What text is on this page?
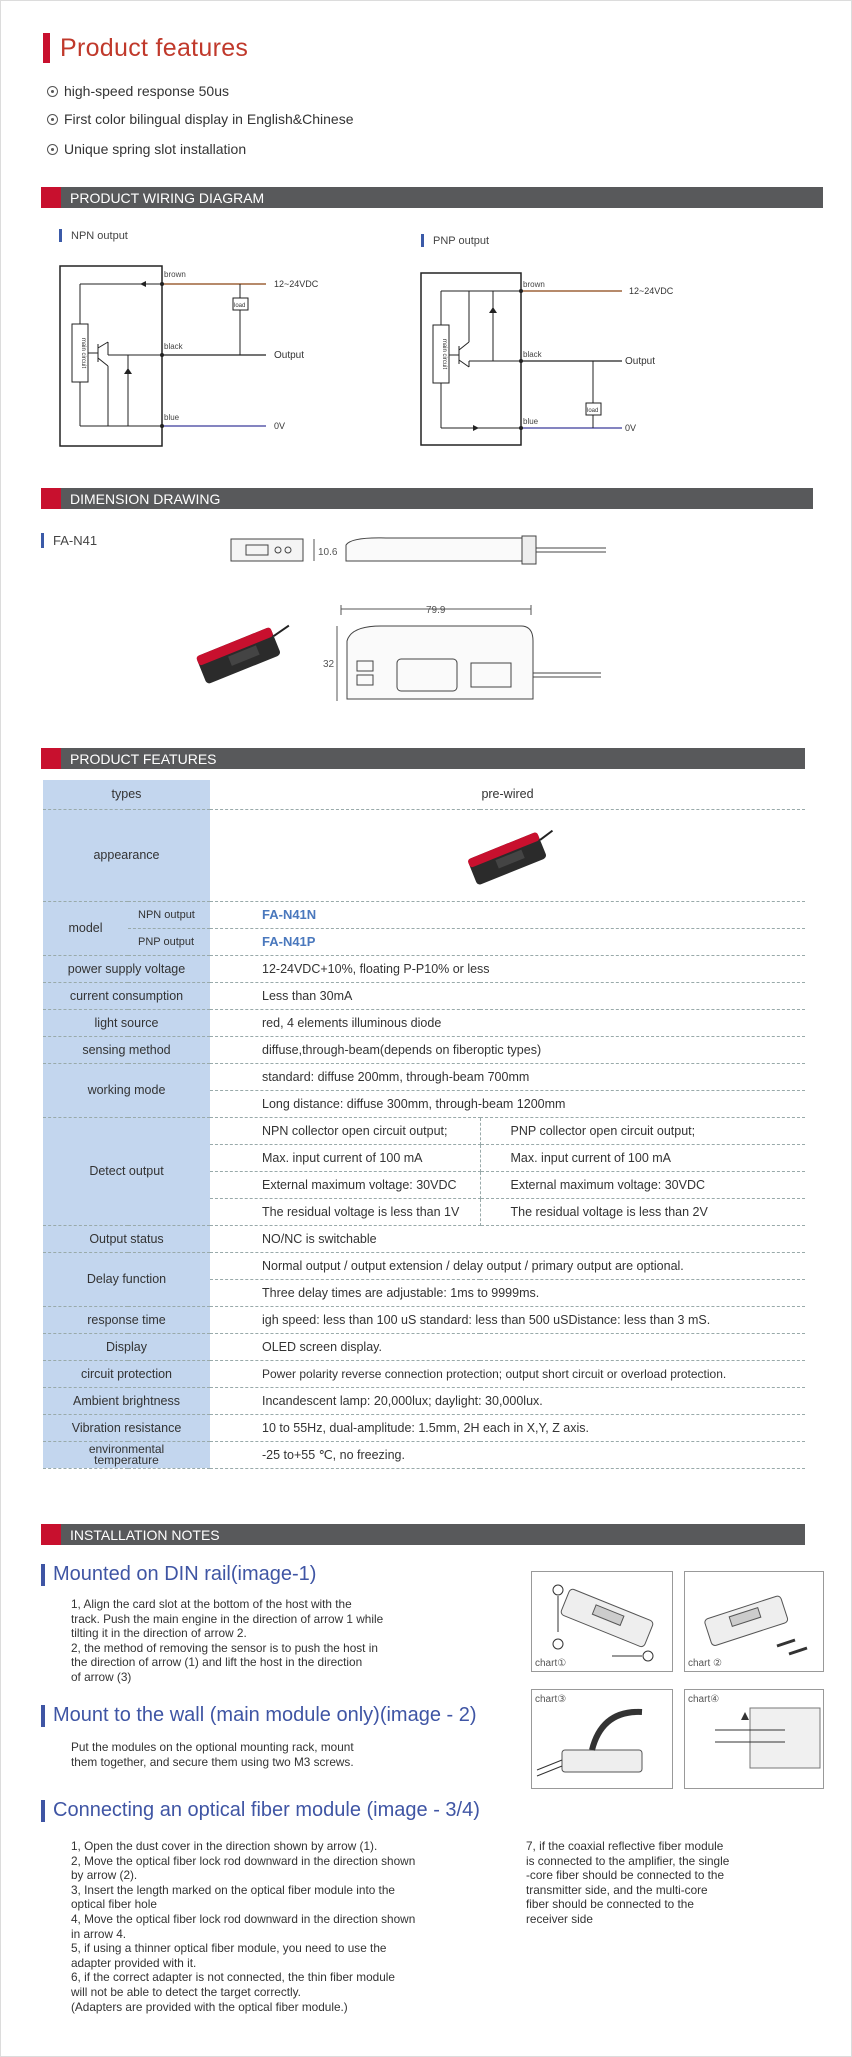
Product features
high-speed response 50us
First color bilingual display in English&Chinese
Unique spring slot installation
PRODUCT WIRING DIAGRAM
NPN output	PNP output
brown
black
blue
12~24VDC
Output
0V
load
main circuit
brown
black
blue
12~24VDC
Output
0V
load
main circuit
DIMENSION DRAWING
FA-N41
10.6
79.9
32
PRODUCT FEATURES
types		pre-wired	
appearance	
model	NPN output	FA-N41N	
	PNP output	FA-N41P	
power supply voltage		12-24VDC+10%, floating P-P10% or less	
current consumption		Less than 30mA	
light source		red, 4 elements illuminous diode	
sensing method		diffuse,through-beam(depends on fiberoptic types)	
working mode		standard: diffuse 200mm, through-beam 700mm	
		Long distance: diffuse 300mm, through-beam 1200mm	
Detect output		NPN collector open circuit output;	PNP collector open circuit output;
		Max. input current of 100 mA	Max. input current of 100 mA
		External maximum voltage: 30VDC	External maximum voltage: 30VDC
		The residual voltage is less than 1V	The residual voltage is less than 2V
Output status		NO/NC is switchable	
Delay function		Normal output / output extension / delay output / primary output are optional.	
		Three delay times are adjustable: 1ms to 9999ms.	
response time		igh speed: less than 100 uS standard: less than 500 uSDistance: less than 3 mS.	
Display		OLED screen display.	
circuit protection		Power polarity reverse connection protection; output short circuit or overload protection.	
Ambient brightness		Incandescent lamp: 20,000lux; daylight: 30,000lux.	
Vibration resistance		10 to 55Hz, dual-amplitude: 1.5mm, 2H each in X,Y, Z axis.	
environmental
temperature		-25 to+55 ℃, no freezing.	
INSTALLATION NOTES
Mounted on DIN rail(image-1)
1, Align the card slot at the bottom of the host with the
track. Push the main engine in the direction of arrow 1 while
tilting it in the direction of arrow 2.
2, the method of removing the sensor is to push the host in
the direction of arrow (1) and lift the host in the direction
of arrow (3)
Mount to the wall (main module only)(image - 2)
Put the modules on the optional mounting rack, mount
them together, and secure them using two M3 screws.
Connecting an optical fiber module (image - 3/4)
1, Open the dust cover in the direction shown by arrow (1).
2, Move the optical fiber lock rod downward in the direction shown
by arrow (2).
3, Insert the length marked on the optical fiber module into the
optical fiber hole
4, Move the optical fiber lock rod downward in the direction shown
in arrow 4.
5, if using a thinner optical fiber module, you need to use the
adapter provided with it.
6, if the correct adapter is not connected, the thin fiber module
will not be able to detect the target correctly.
(Adapters are provided with the optical fiber module.)
7, if the coaxial reflective fiber module
is connected to the amplifier, the single
-core fiber should be connected to the
transmitter side, and the multi-core
fiber should be connected to the
receiver side
chart①	chart ②
chart③	chart④
